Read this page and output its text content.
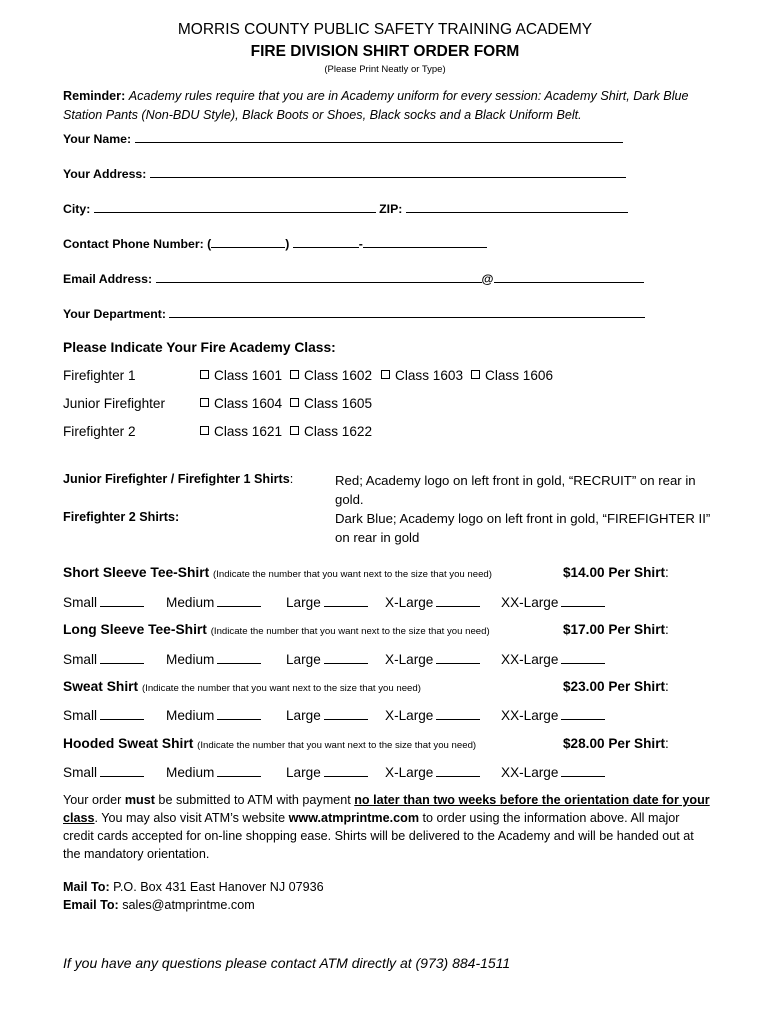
MORRIS COUNTY PUBLIC SAFETY TRAINING ACADEMY
FIRE DIVISION SHIRT ORDER FORM
(Please Print Neatly or Type)
Reminder: Academy rules require that you are in Academy uniform for every session: Academy Shirt, Dark Blue Station Pants (Non-BDU Style), Black Boots or Shoes, Black socks and a Black Uniform Belt.
Your Name:
Your Address:
City:	ZIP:
Contact Phone Number: (	)	-
Email Address:	@
Your Department:
Please Indicate Your Fire Academy Class:
Firefighter 1	Class 1601	Class 1602	Class 1603	Class 1606
Junior Firefighter	Class 1604	Class 1605
Firefighter 2	Class 1621	Class 1622
Junior Firefighter / Firefighter 1 Shirts:	Red; Academy logo on left front in gold, “RECRUIT” on rear in gold.
Firefighter 2 Shirts:	Dark Blue; Academy logo on left front in gold, “FIREFIGHTER II” on rear in gold
Short Sleeve Tee-Shirt (Indicate the number that you want next to the size that you need)	$14.00 Per Shirt:
Small	Medium	Large	X-Large	XX-Large
Long Sleeve Tee-Shirt (Indicate the number that you want next to the size that you need)	$17.00 Per Shirt:
Small	Medium	Large	X-Large	XX-Large
Sweat Shirt (Indicate the number that you want next to the size that you need)	$23.00 Per Shirt:
Small	Medium	Large	X-Large	XX-Large
Hooded Sweat Shirt (Indicate the number that you want next to the size that you need)	$28.00 Per Shirt:
Small	Medium	Large	X-Large	XX-Large
Your order must be submitted to ATM with payment no later than two weeks before the orientation date for your class. You may also visit ATM’s website www.atmprintme.com to order using the information above. All major credit cards accepted for on-line shopping ease. Shirts will be delivered to the Academy and will be handed out at the mandatory orientation.
Mail To: P.O. Box 431 East Hanover NJ 07936
Email To: sales@atmprintme.com
If you have any questions please contact ATM directly at (973) 884-1511
